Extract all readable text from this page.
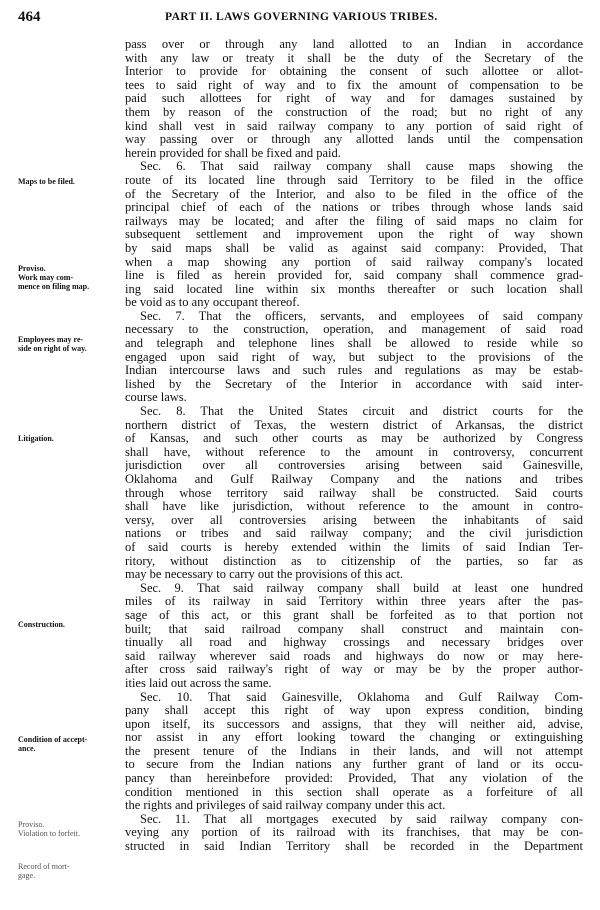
464	PART II. LAWS GOVERNING VARIOUS TRIBES.
Maps to be filed.
Proviso.
Work may com-
mence on filing map.
Employees may re-
side on right of way.
Litigation.
Construction.
Condition of accept-
ance.
Proviso.
Violation to forfeit.
Record of mort-
gage.
pass over or through any land allotted to an Indian in accordance
with any law or treaty it shall be the duty of the Secretary of the
Interior to provide for obtaining the consent of such allottee or allot-
tees to said right of way and to fix the amount of compensation to be
paid such allottees for right of way and for damages sustained by
them by reason of the construction of the road; but no right of any
kind shall vest in said railway company to any portion of said right of
way passing over or through any allotted lands until the compensation
herein provided for shall be fixed and paid.
Sec. 6. That said railway company shall cause maps showing the
route of its located line through said Territory to be filed in the office
of the Secretary of the Interior, and also to be filed in the office of the
principal chief of each of the nations or tribes through whose lands said
railways may be located; and after the filing of said maps no claim for
subsequent settlement and improvement upon the right of way shown
by said maps shall be valid as against said company: Provided, That
when a map showing any portion of said railway company's located
line is filed as herein provided for, said company shall commence grad-
ing said located line within six months thereafter or such location shall
be void as to any occupant thereof.
Sec. 7. That the officers, servants, and employees of said company
necessary to the construction, operation, and management of said road
and telegraph and telephone lines shall be allowed to reside while so
engaged upon said right of way, but subject to the provisions of the
Indian intercourse laws and such rules and regulations as may be estab-
lished by the Secretary of the Interior in accordance with said inter-
course laws.
Sec. 8. That the United States circuit and district courts for the
northern district of Texas, the western district of Arkansas, the district
of Kansas, and such other courts as may be authorized by Congress
shall have, without reference to the amount in controversy, concurrent
jurisdiction over all controversies arising between said Gainesville,
Oklahoma and Gulf Railway Company and the nations and tribes
through whose territory said railway shall be constructed. Said courts
shall have like jurisdiction, without reference to the amount in contro-
versy, over all controversies arising between the inhabitants of said
nations or tribes and said railway company; and the civil jurisdiction
of said courts is hereby extended within the limits of said Indian Ter-
ritory, without distinction as to citizenship of the parties, so far as
may be necessary to carry out the provisions of this act.
Sec. 9. That said railway company shall build at least one hundred
miles of its railway in said Territory within three years after the pas-
sage of this act, or this grant shall be forfeited as to that portion not
built; that said railroad company shall construct and maintain con-
tinually all road and highway crossings and necessary bridges over
said railway wherever said roads and highways do now or may here-
after cross said railway's right of way or may be by the proper author-
ities laid out across the same.
Sec. 10. That said Gainesville, Oklahoma and Gulf Railway Com-
pany shall accept this right of way upon express condition, binding
upon itself, its successors and assigns, that they will neither aid, advise,
nor assist in any effort looking toward the changing or extinguishing
the present tenure of the Indians in their lands, and will not attempt
to secure from the Indian nations any further grant of land or its occu-
pancy than hereinbefore provided: Provided, That any violation of the
condition mentioned in this section shall operate as a forfeiture of all
the rights and privileges of said railway company under this act.
Sec. 11. That all mortgages executed by said railway company con-
veying any portion of its railroad with its franchises, that may be con-
structed in said Indian Territory shall be recorded in the Department
